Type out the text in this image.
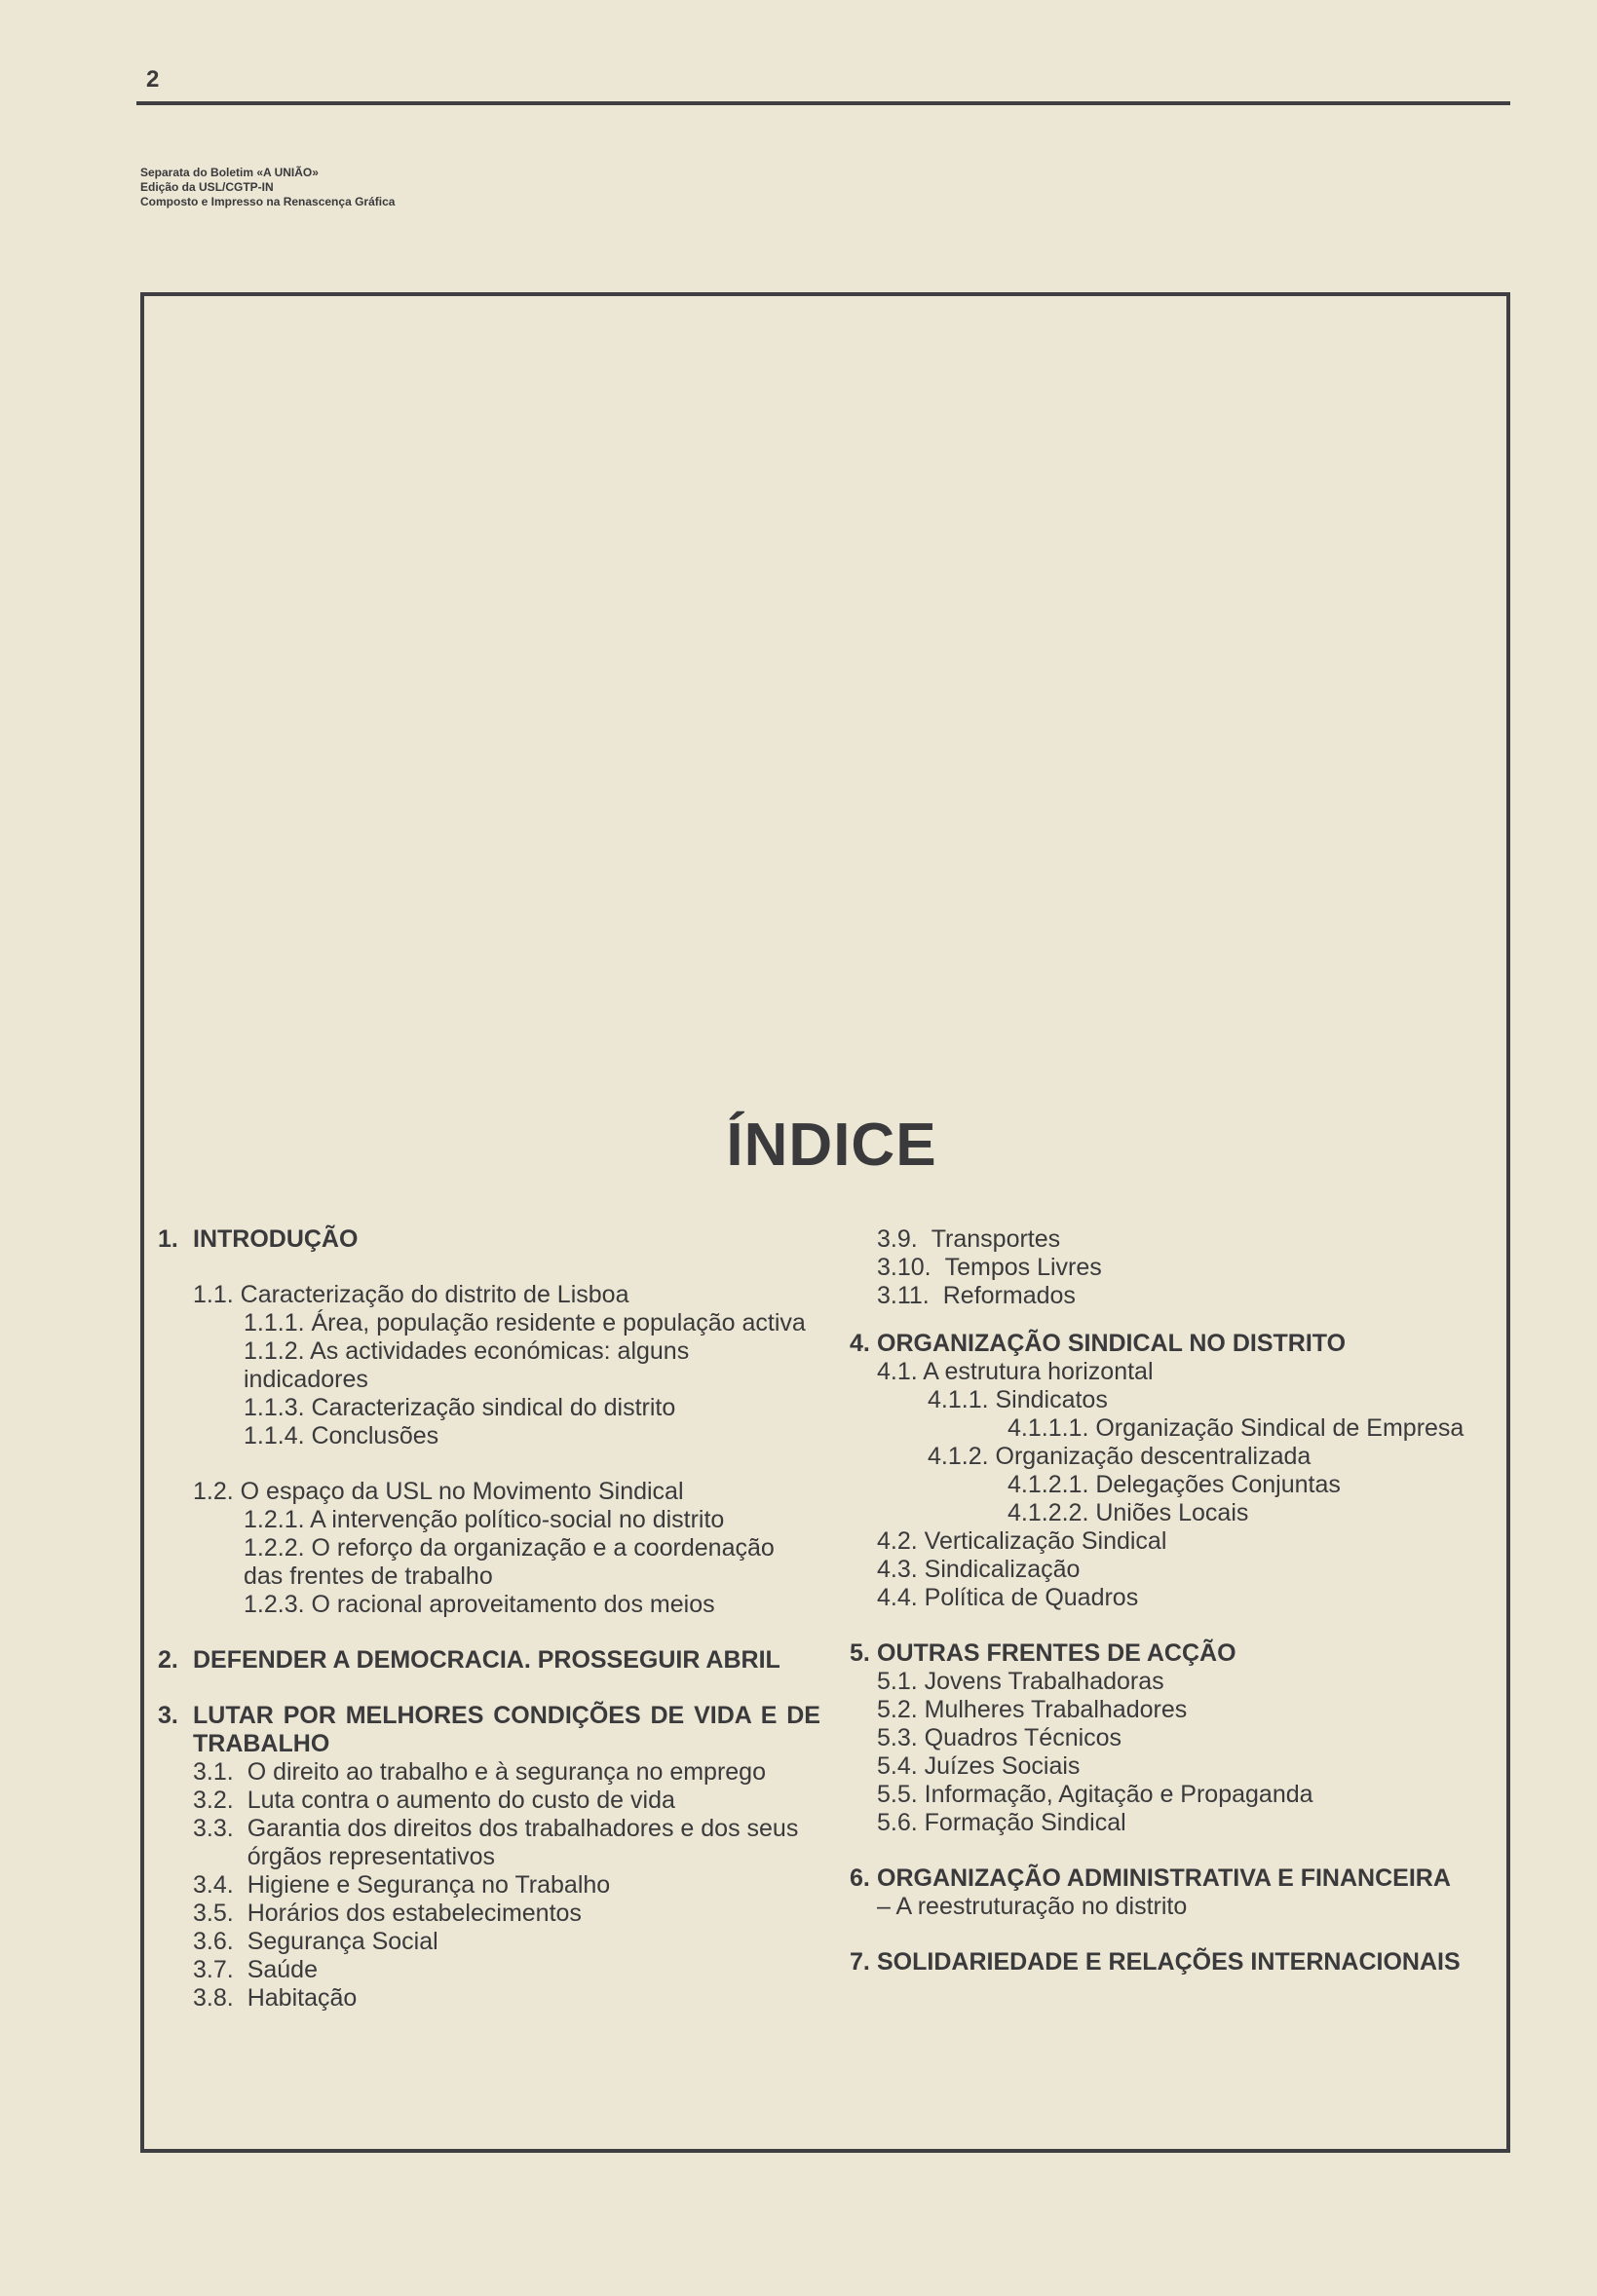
2
Separata do Boletim «A UNIÃO»
Edição da USL/CGTP-IN
Composto e Impresso na Renascença Gráfica
ÍNDICE
1. INTRODUÇÃO
1.1. Caracterização do distrito de Lisboa
1.1.1. Área, população residente e população activa
1.1.2. As actividades económicas: alguns indicadores
1.1.3. Caracterização sindical do distrito
1.1.4. Conclusões
1.2. O espaço da USL no Movimento Sindical
1.2.1. A intervenção político-social no distrito
1.2.2. O reforço da organização e a coordenação das frentes de trabalho
1.2.3. O racional aproveitamento dos meios
2. DEFENDER A DEMOCRACIA. PROSSEGUIR ABRIL
3. LUTAR POR MELHORES CONDIÇÕES DE VIDA E DE TRABALHO
3.1. O direito ao trabalho e à segurança no emprego
3.2. Luta contra o aumento do custo de vida
3.3. Garantia dos direitos dos trabalhadores e dos seus órgãos representativos
3.4. Higiene e Segurança no Trabalho
3.5. Horários dos estabelecimentos
3.6. Segurança Social
3.7. Saúde
3.8. Habitação
3.9. Transportes
3.10. Tempos Livres
3.11. Reformados
4. ORGANIZAÇÃO SINDICAL NO DISTRITO
4.1. A estrutura horizontal
4.1.1. Sindicatos
4.1.1.1. Organização Sindical de Empresa
4.1.2. Organização descentralizada
4.1.2.1. Delegações Conjuntas
4.1.2.2. Uniões Locais
4.2. Verticalização Sindical
4.3. Sindicalização
4.4. Política de Quadros
5. OUTRAS FRENTES DE ACÇÃO
5.1. Jovens Trabalhadoras
5.2. Mulheres Trabalhadores
5.3. Quadros Técnicos
5.4. Juízes Sociais
5.5. Informação, Agitação e Propaganda
5.6. Formação Sindical
6. ORGANIZAÇÃO ADMINISTRATIVA E FINANCEIRA
– A reestruturação no distrito
7. SOLIDARIEDADE E RELAÇÕES INTERNACIONAIS
